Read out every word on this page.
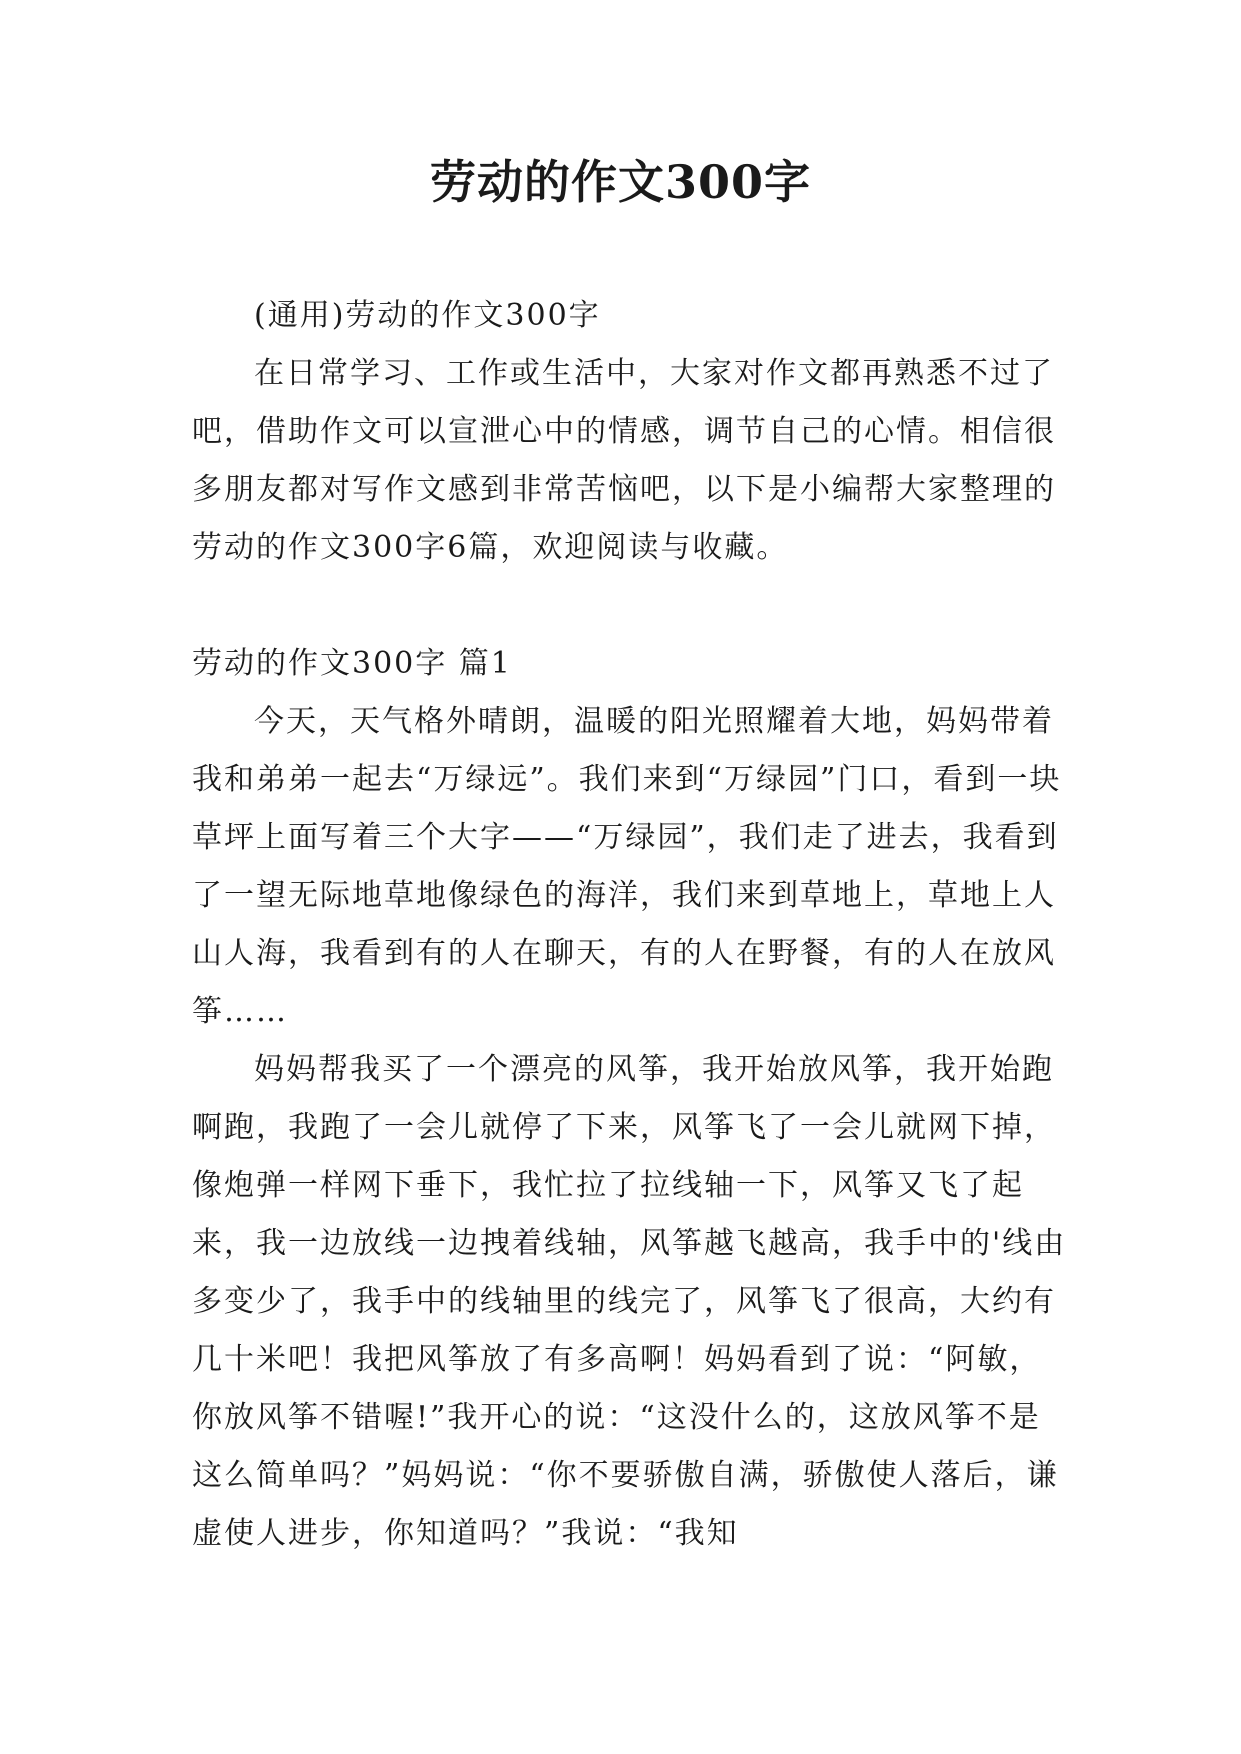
劳动的作文300字

(通用)劳动的作文300字

在日常学习、工作或生活中，大家对作文都再熟悉不过了吧，借助作文可以宣泄心中的情感，调节自己的心情。相信很多朋友都对写作文感到非常苦恼吧，以下是小编帮大家整理的劳动的作文300字6篇，欢迎阅读与收藏。

劳动的作文300字 篇1

今天，天气格外晴朗，温暖的阳光照耀着大地，妈妈带着我和弟弟一起去“万绿远”。我们来到“万绿园”门口，看到一块草坪上面写着三个大字——“万绿园”，我们走了进去，我看到了一望无际地草地像绿色的海洋，我们来到草地上，草地上人山人海，我看到有的人在聊天，有的人在野餐，有的人在放风筝……

妈妈帮我买了一个漂亮的风筝，我开始放风筝，我开始跑啊跑，我跑了一会儿就停了下来，风筝飞了一会儿就网下掉，像炮弹一样网下垂下，我忙拉了拉线轴一下，风筝又飞了起来，我一边放线一边拽着线轴，风筝越飞越高，我手中的'线由多变少了，我手中的线轴里的线完了，风筝飞了很高，大约有几十米吧！我把风筝放了有多高啊！妈妈看到了说：“阿敏，你放风筝不错喔!”我开心的说：“这没什么的，这放风筝不是这么简单吗？”妈妈说：“你不要骄傲自满，骄傲使人落后，谦虚使人进步，你知道吗？”我说：“我知
